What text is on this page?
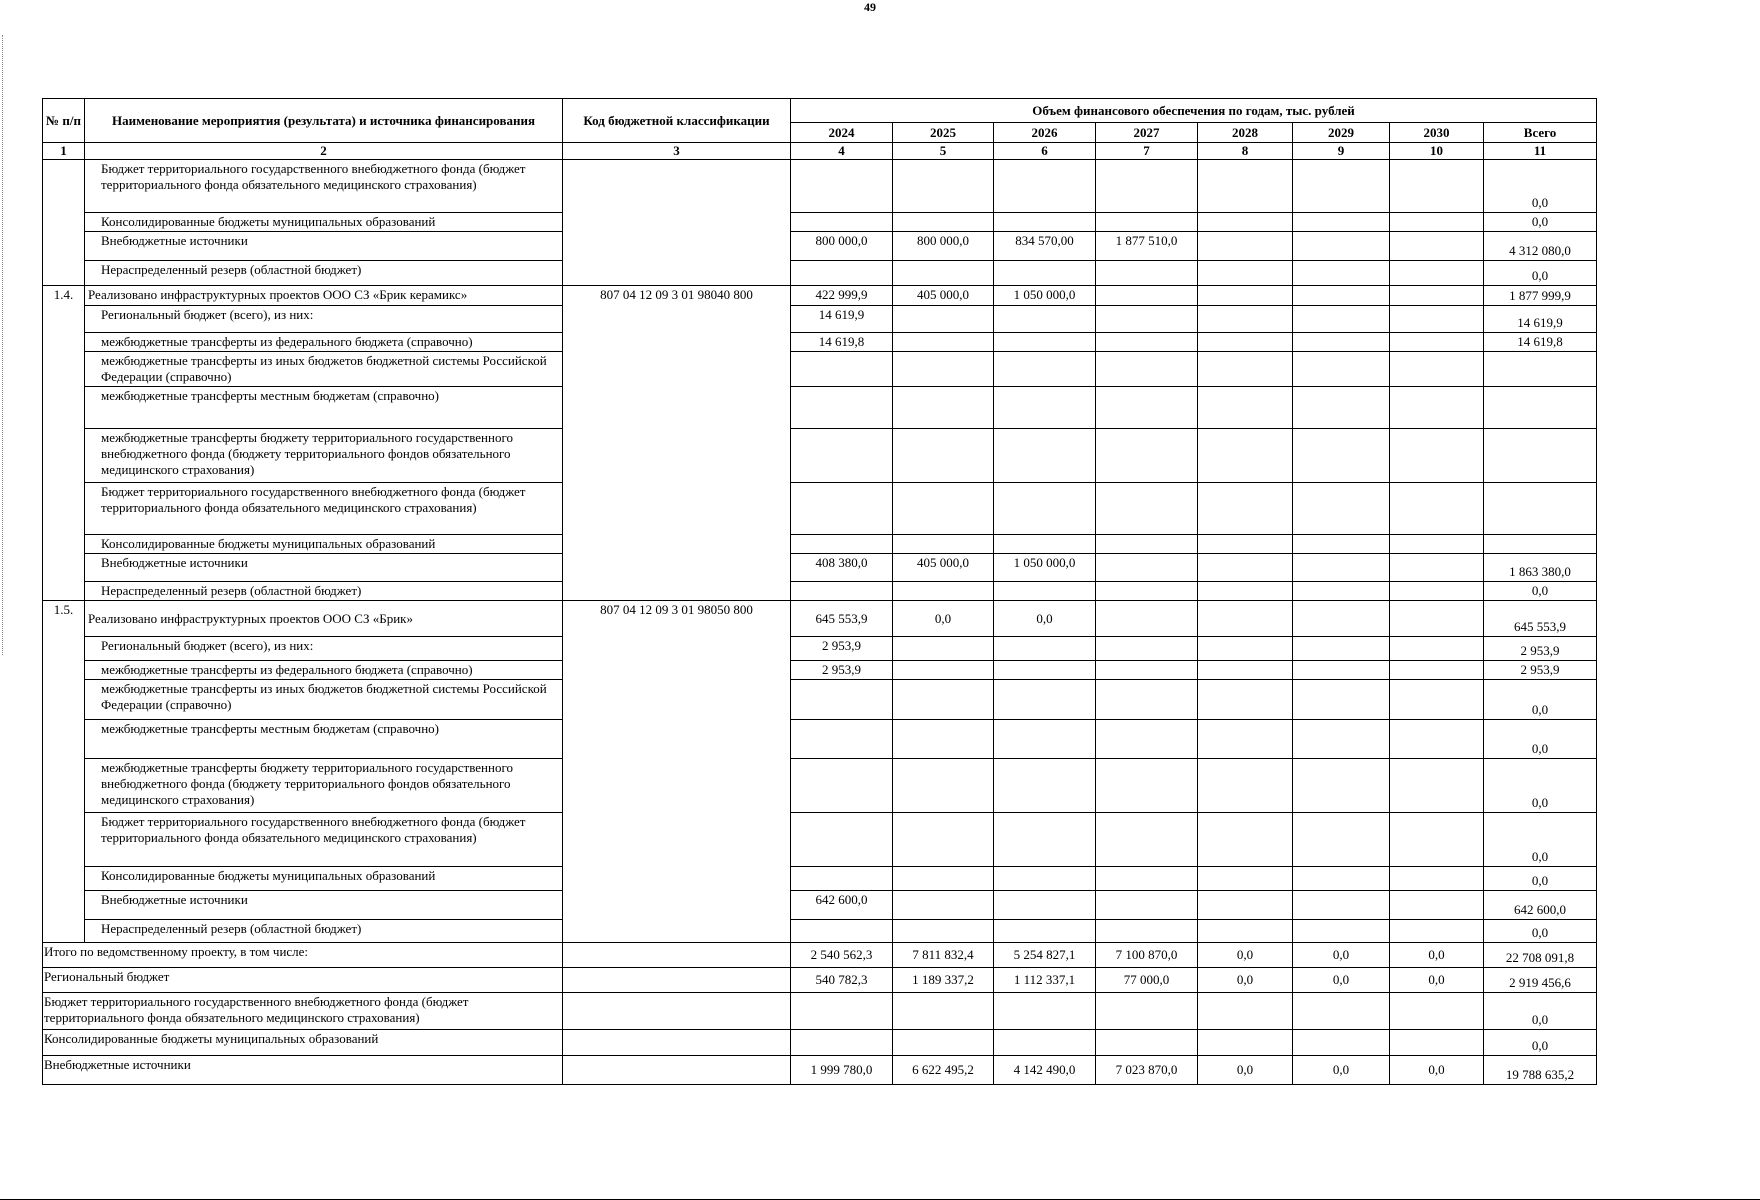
49
№ п/п	Наименование мероприятия (результата) и источника финансирования	Код бюджетной классификации	Объем финансового обеспечения по годам, тыс. рублей							
			2024	2025	2026	2027	2028	2029	2030	Всего
1	2	3	4	5	6	7	8	9	10	11
	Бюджет территориального государственного внебюджетного фонда (бюджет территориального фонда обязательного медицинского страхования)									0,0
	Консолидированные бюджеты муниципальных образований									0,0
	Внебюджетные источники		800 000,0	800 000,0	834 570,00	1 877 510,0				4 312 080,0
	Нераспределенный резерв (областной бюджет)									0,0
1.4.	Реализовано инфраструктурных проектов ООО СЗ «Брик керамикс»	807 04 12 09 3 01 98040 800	422 999,9	405 000,0	1 050 000,0					1 877 999,9
	Региональный бюджет (всего), из них:		14 619,9							14 619,9
	межбюджетные трансферты из федерального бюджета (справочно)		14 619,8							14 619,8
	межбюджетные трансферты из иных бюджетов бюджетной системы Российской Федерации (справочно)									
	межбюджетные трансферты местным бюджетам (справочно)									
	межбюджетные трансферты бюджету территориального государственного внебюджетного фонда (бюджету территориального фондов обязательного медицинского страхования)									
	Бюджет территориального государственного внебюджетного фонда (бюджет территориального фонда обязательного медицинского страхования)									
	Консолидированные бюджеты муниципальных образований									
	Внебюджетные источники		408 380,0	405 000,0	1 050 000,0					1 863 380,0
	Нераспределенный резерв (областной бюджет)									0,0
1.5.	Реализовано инфраструктурных проектов ООО СЗ «Брик»	807 04 12 09 3 01 98050 800	645 553,9	0,0	0,0					645 553,9
	Региональный бюджет (всего), из них:		2 953,9							2 953,9
	межбюджетные трансферты из федерального бюджета (справочно)		2 953,9							2 953,9
	межбюджетные трансферты из иных бюджетов бюджетной системы Российской Федерации (справочно)									0,0
	межбюджетные трансферты местным бюджетам (справочно)									0,0
	межбюджетные трансферты бюджету территориального государственного внебюджетного фонда (бюджету территориального фондов обязательного медицинского страхования)									0,0
	Бюджет территориального государственного внебюджетного фонда (бюджет территориального фонда обязательного медицинского страхования)									0,0
	Консолидированные бюджеты муниципальных образований									0,0
	Внебюджетные источники		642 600,0							642 600,0
	Нераспределенный резерв (областной бюджет)									0,0
Итого по ведомственному проекту, в том числе:			2 540 562,3	7 811 832,4	5 254 827,1	7 100 870,0	0,0	0,0	0,0	22 708 091,8
Региональный бюджет			540 782,3	1 189 337,2	1 112 337,1	77 000,0	0,0	0,0	0,0	2 919 456,6
Бюджет территориального государственного внебюджетного фонда (бюджет территориального фонда обязательного медицинского страхования)										0,0
Консолидированные бюджеты муниципальных образований										0,0
Внебюджетные источники			1 999 780,0	6 622 495,2	4 142 490,0	7 023 870,0	0,0	0,0	0,0	19 788 635,2
